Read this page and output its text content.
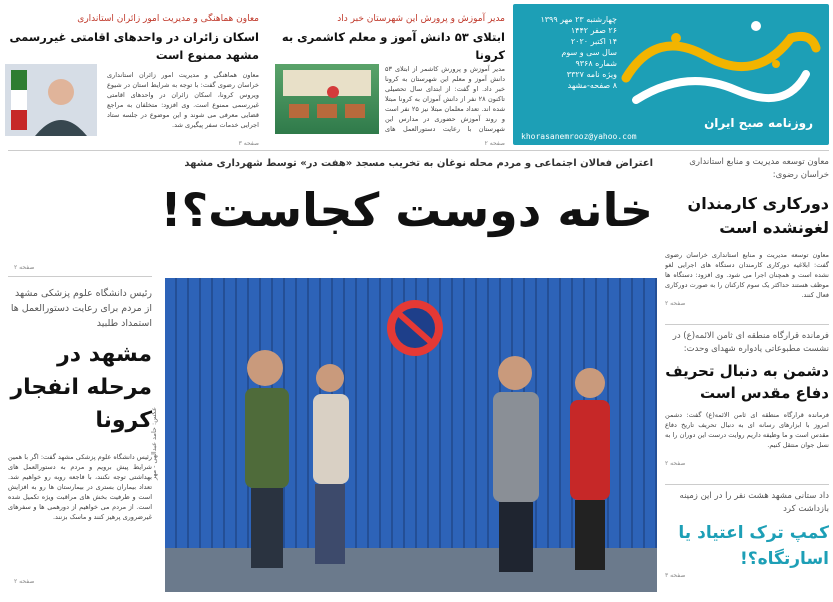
روزنامه صبح ایران
چهارشنبه ۲۳ مهر ۱۳۹۹
۲۶ صفر ۱۴۴۲
۱۴ اکتبر ۲۰۲۰
سال سی و سوم
شماره ۹۳۶۸
ویژه نامه ۳۳۲۷
۸ صفحه-مشهد
khorasanemrooz@yahoo.com
مدیر آموزش و پرورش این شهرستان خبر داد
ابتلای ۵۳ دانش آموز و معلم کاشمری به کرونا
مدیر آموزش و پرورش کاشمر از ابتلای ۵۳ دانش آموز و معلم این شهرستان به کرونا خبر داد. او گفت: از ابتدای سال تحصیلی تاکنون ۲۸ نفر از دانش آموزان به کرونا مبتلا شده اند. تعداد معلمان مبتلا نیز ۲۵ نفر است و روند آموزش حضوری در مدارس این شهرستان با رعایت دستورالعمل های
صفحه ۲
معاون هماهنگی و مدیریت امور زائران استانداری
اسکان زائران در واحدهای اقامتی غیررسمی مشهد ممنوع است
معاون هماهنگی و مدیریت امور زائران استانداری خراسان رضوی گفت: با توجه به شرایط استان در شیوع ویروس کرونا، اسکان زائران در واحدهای اقامتی غیررسمی ممنوع است. وی افزود: متخلفان به مراجع قضایی معرفی می شوند و این موضوع در جلسه ستاد اجرایی خدمات سفر پیگیری شد.
صفحه ۳
اعتراض فعالان اجتماعی و مردم محله نوغان به تخریب مسجد «هفت در» توسط شهرداری مشهد
خانه دوست کجاست؟!
عکس: حامد عبدالهی - مهر
صفحه ۲
رئیس دانشگاه علوم پزشکی مشهد از مردم برای رعایت دستورالعمل ها استمداد طلبید
مشهد در مرحله انفجار کرونا
رئیس دانشگاه علوم پزشکی مشهد گفت: اگر با همین شرایط پیش برویم و مردم به دستورالعمل های بهداشتی توجه نکنند، با فاجعه روبه رو خواهیم شد. تعداد بیماران بستری در بیمارستان ها رو به افزایش است و ظرفیت بخش های مراقبت ویژه تکمیل شده است. از مردم می خواهیم از دورهمی ها و سفرهای غیرضروری پرهیز کنند و ماسک بزنند.
صفحه ۲
معاون توسعه مدیریت و منابع استانداری خراسان رضوی:
دورکاری کارمندان لغونشده است
معاون توسعه مدیریت و منابع استانداری خراسان رضوی گفت: ابلاغیه دورکاری کارمندان دستگاه های اجرایی لغو نشده است و همچنان اجرا می شود. وی افزود: دستگاه ها موظف هستند حداکثر یک سوم کارکنان را به صورت دورکاری فعال کنند.
صفحه ۲
فرمانده قرارگاه منطقه ای ثامن الائمه(ع) در نشست مطبوعاتی یادواره شهدای وحدت:
دشمن به دنبال تحریف دفاع مقدس است
فرمانده قرارگاه منطقه ای ثامن الائمه(ع) گفت: دشمن امروز با ابزارهای رسانه ای به دنبال تحریف تاریخ دفاع مقدس است و ما وظیفه داریم روایت درست این دوران را به نسل جوان منتقل کنیم.
صفحه ۲
داد ستانی مشهد هشت نفر را در این زمینه بازداشت کرد
کمپ ترک اعتیاد یا اسارتگاه؟!
صفحه ۳
